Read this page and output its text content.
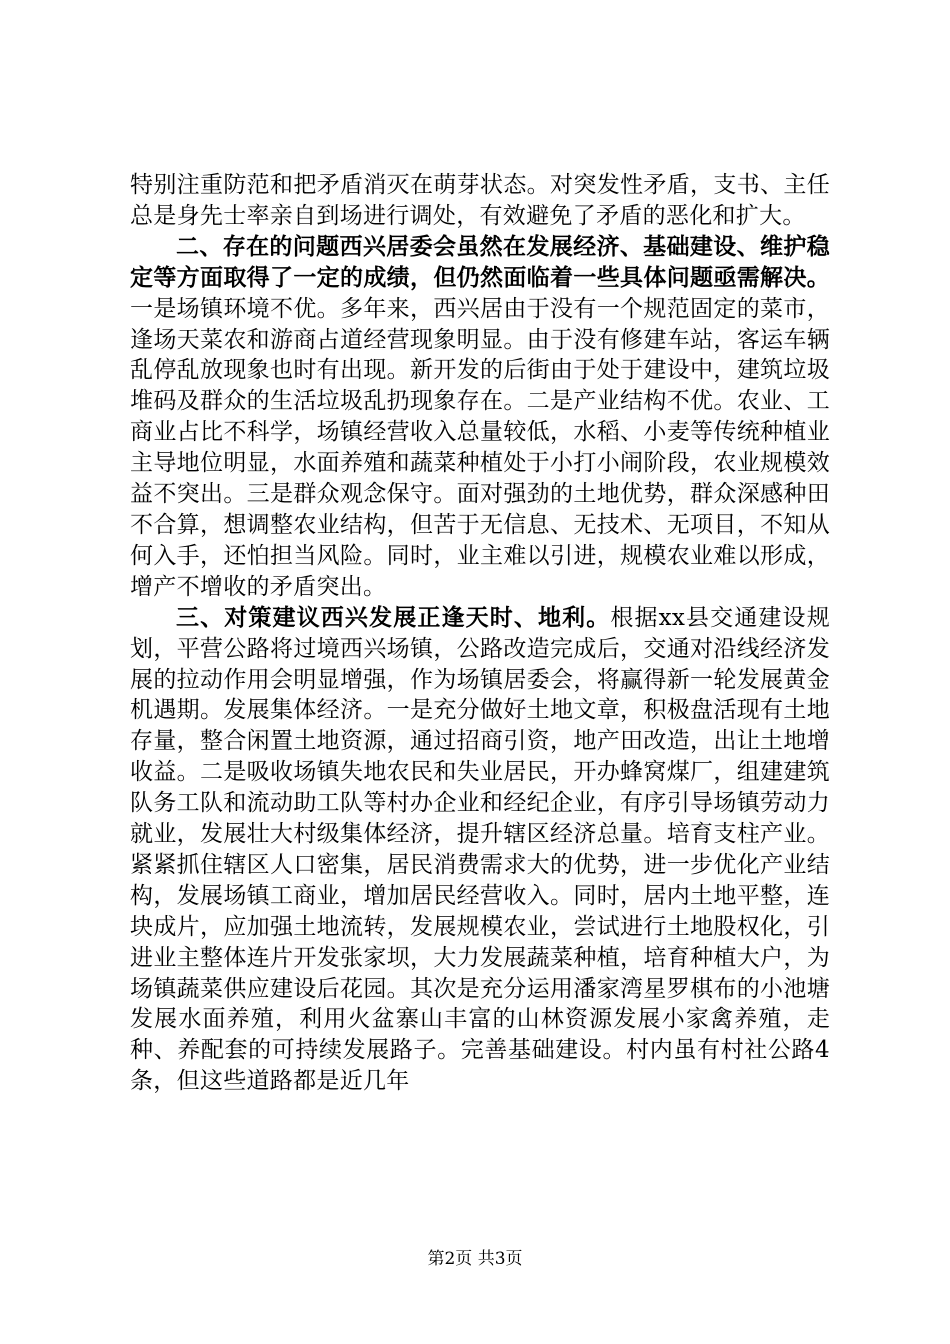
特别注重防范和把矛盾消灭在萌芽状态。对突发性矛盾，支书、主任总是身先士率亲自到场进行调处，有效避免了矛盾的恶化和扩大。

二、存在的问题西兴居委会虽然在发展经济、基础建设、维护稳定等方面取得了一定的成绩，但仍然面临着一些具体问题亟需解决。一是场镇环境不优。多年来，西兴居由于没有一个规范固定的菜市，逢场天菜农和游商占道经营现象明显。由于没有修建车站，客运车辆乱停乱放现象也时有出现。新开发的后街由于处于建设中，建筑垃圾堆码及群众的生活垃圾乱扔现象存在。二是产业结构不优。农业、工商业占比不科学，场镇经营收入总量较低，水稻、小麦等传统种植业主导地位明显，水面养殖和蔬菜种植处于小打小闹阶段，农业规模效益不突出。三是群众观念保守。面对强劲的土地优势，群众深感种田不合算，想调整农业结构，但苦于无信息、无技术、无项目，不知从何入手，还怕担当风险。同时，业主难以引进，规模农业难以形成，增产不增收的矛盾突出。

三、对策建议西兴发展正逢天时、地利。根据xx县交通建设规划，平营公路将过境西兴场镇，公路改造完成后，交通对沿线经济发展的拉动作用会明显增强，作为场镇居委会，将赢得新一轮发展黄金机遇期。发展集体经济。一是充分做好土地文章，积极盘活现有土地存量，整合闲置土地资源，通过招商引资，地产田改造，出让土地增收益。二是吸收场镇失地农民和失业居民，开办蜂窝煤厂，组建建筑队务工队和流动助工队等村办企业和经纪企业，有序引导场镇劳动力就业，发展壮大村级集体经济，提升辖区经济总量。培育支柱产业。紧紧抓住辖区人口密集，居民消费需求大的优势，进一步优化产业结构，发展场镇工商业，增加居民经营收入。同时，居内土地平整，连块成片，应加强土地流转，发展规模农业，尝试进行土地股权化，引进业主整体连片开发张家坝，大力发展蔬菜种植，培育种植大户，为场镇蔬菜供应建设后花园。其次是充分运用潘家湾星罗棋布的小池塘发展水面养殖，利用火盆寨山丰富的山林资源发展小家禽养殖，走种、养配套的可持续发展路子。完善基础建设。村内虽有村社公路4条，但这些道路都是近几年

第2页 共3页
